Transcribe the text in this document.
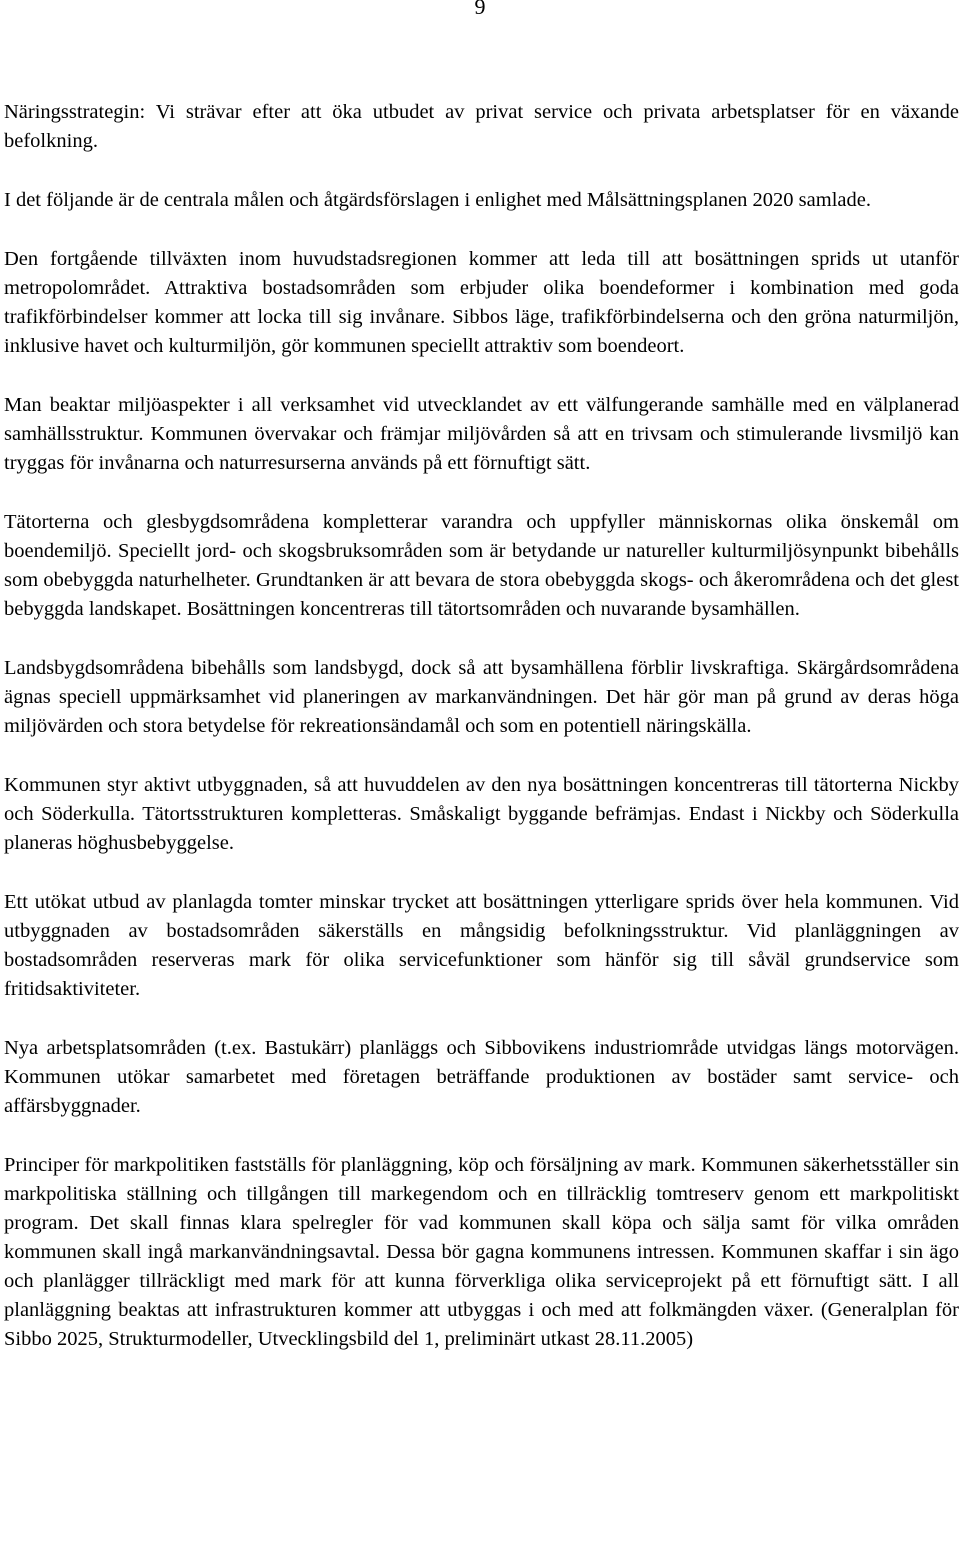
9

Näringsstrategin: Vi strävar efter att öka utbudet av privat service och privata arbetsplatser för en växande befolkning.

I det följande är de centrala målen och åtgärdsförslagen i enlighet med Målsättningsplanen 2020 samlade.

Den fortgående tillväxten inom huvudstadsregionen kommer att leda till att bosättningen sprids ut utanför metropolområdet. Attraktiva bostadsområden som erbjuder olika boendeformer i kombination med goda trafikförbindelser kommer att locka till sig invånare. Sibbos läge, trafikförbindelserna och den gröna naturmiljön, inklusive havet och kulturmiljön, gör kommunen speciellt attraktiv som boendeort.

Man beaktar miljöaspekter i all verksamhet vid utvecklandet av ett välfungerande samhälle med en välplanerad samhällsstruktur. Kommunen övervakar och främjar miljövården så att en trivsam och stimulerande livsmiljö kan tryggas för invånarna och naturresurserna används på ett förnuftigt sätt.

Tätorterna och glesbygdsområdena kompletterar varandra och uppfyller människornas olika önskemål om boendemiljö. Speciellt jord- och skogsbruksområden som är betydande ur natureller kulturmiljösynpunkt bibehålls som obebyggda naturhelheter. Grundtanken är att bevara de stora obebyggda skogs- och åkerområdena och det glest bebyggda landskapet. Bosättningen koncentreras till tätortsområden och nuvarande bysamhällen.

Landsbygdsområdena bibehålls som landsbygd, dock så att bysamhällena förblir livskraftiga. Skärgårdsområdena ägnas speciell uppmärksamhet vid planeringen av markanvändningen. Det här gör man på grund av deras höga miljövärden och stora betydelse för rekreationsändamål och som en potentiell näringskälla.

Kommunen styr aktivt utbyggnaden, så att huvuddelen av den nya bosättningen koncentreras till tätorterna Nickby och Söderkulla. Tätortsstrukturen kompletteras. Småskaligt byggande befrämjas. Endast i Nickby och Söderkulla planeras höghusbebyggelse.

Ett utökat utbud av planlagda tomter minskar trycket att bosättningen ytterligare sprids över hela kommunen. Vid utbyggnaden av bostadsområden säkerställs en mångsidig befolkningsstruktur. Vid planläggningen av bostadsområden reserveras mark för olika servicefunktioner som hänför sig till såväl grundservice som fritidsaktiviteter.

Nya arbetsplatsområden (t.ex. Bastukärr) planläggs och Sibbovikens industriområde utvidgas längs motorvägen. Kommunen utökar samarbetet med företagen beträffande produktionen av bostäder samt service- och affärsbyggnader.

Principer för markpolitiken fastställs för planläggning, köp och försäljning av mark. Kommunen säkerhetsställer sin markpolitiska ställning och tillgången till markegendom och en tillräcklig tomtreserv genom ett markpolitiskt program. Det skall finnas klara spelregler för vad kommunen skall köpa och sälja samt för vilka områden kommunen skall ingå markanvändningsavtal. Dessa bör gagna kommunens intressen. Kommunen skaffar i sin ägo och planlägger tillräckligt med mark för att kunna förverkliga olika serviceprojekt på ett förnuftigt sätt. I all planläggning beaktas att infrastrukturen kommer att utbyggas i och med att folkmängden växer. (Generalplan för Sibbo 2025, Strukturmodeller, Utvecklingsbild del 1, preliminärt utkast 28.11.2005)
